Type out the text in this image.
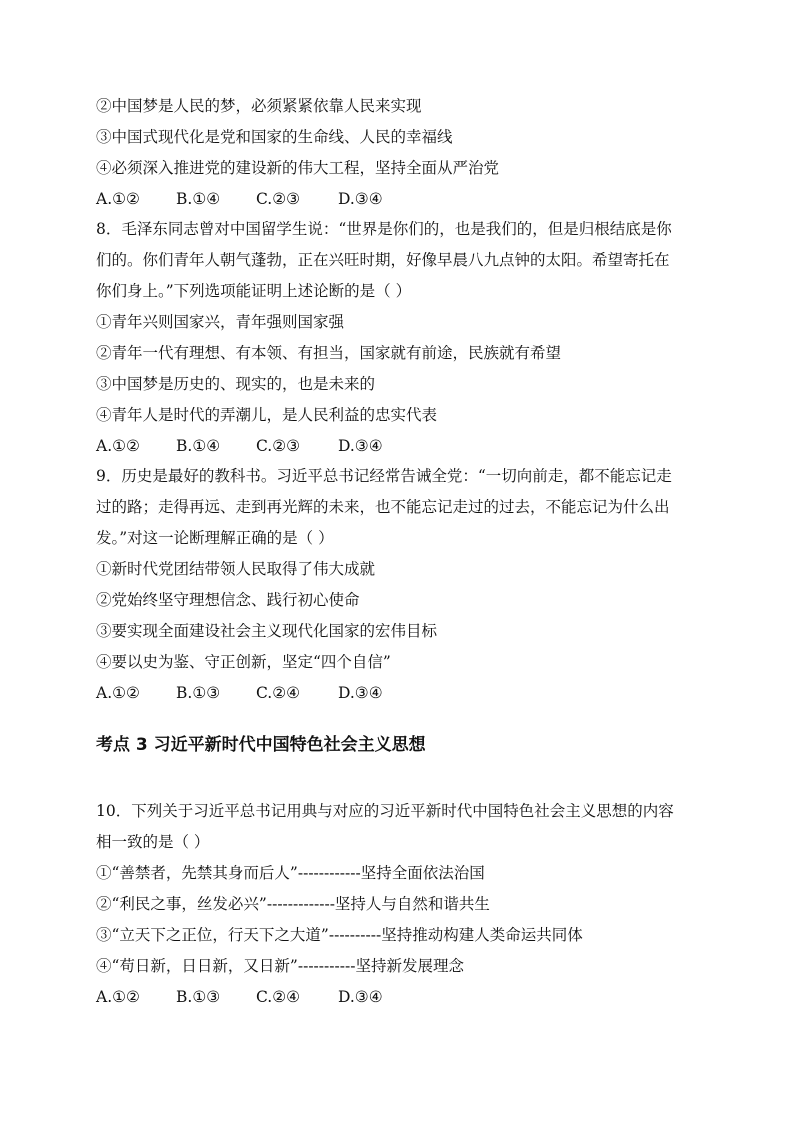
②中国梦是人民的梦，必须紧紧依靠人民来实现
③中国式现代化是党和国家的生命线、人民的幸福线
④必须深入推进党的建设新的伟大工程，坚持全面从严治党
A.①② B.①④ C.②③ D.③④
8．毛泽东同志曾对中国留学生说：“世界是你们的，也是我们的，但是归根结底是你
们的。你们青年人朝气蓬勃，正在兴旺时期，好像早晨八九点钟的太阳。希望寄托在
你们身上。”下列选项能证明上述论断的是（ ）
①青年兴则国家兴，青年强则国家强
②青年一代有理想、有本领、有担当，国家就有前途，民族就有希望
③中国梦是历史的、现实的，也是未来的
④青年人是时代的弄潮儿，是人民利益的忠实代表
A.①② B.①④ C.②③ D.③④
9．历史是最好的教科书。习近平总书记经常告诫全党：“一切向前走，都不能忘记走
过的路；走得再远、走到再光辉的未来，也不能忘记走过的过去，不能忘记为什么出
发。”对这一论断理解正确的是（ ）
①新时代党团结带领人民取得了伟大成就
②党始终坚守理想信念、践行初心使命
③要实现全面建设社会主义现代化国家的宏伟目标
④要以史为鉴、守正创新，坚定“四个自信”
A.①② B.①③ C.②④ D.③④
考点 3 习近平新时代中国特色社会主义思想
10．下列关于习近平总书记用典与对应的习近平新时代中国特色社会主义思想的内容
相一致的是（ ）
①“善禁者，先禁其身而后人”------------坚持全面依法治国
②“利民之事，丝发必兴”-------------坚持人与自然和谐共生
③“立天下之正位，行天下之大道”----------坚持推动构建人类命运共同体
④“苟日新，日日新，又日新”-----------坚持新发展理念
A.①② B.①③ C.②④ D.③④
